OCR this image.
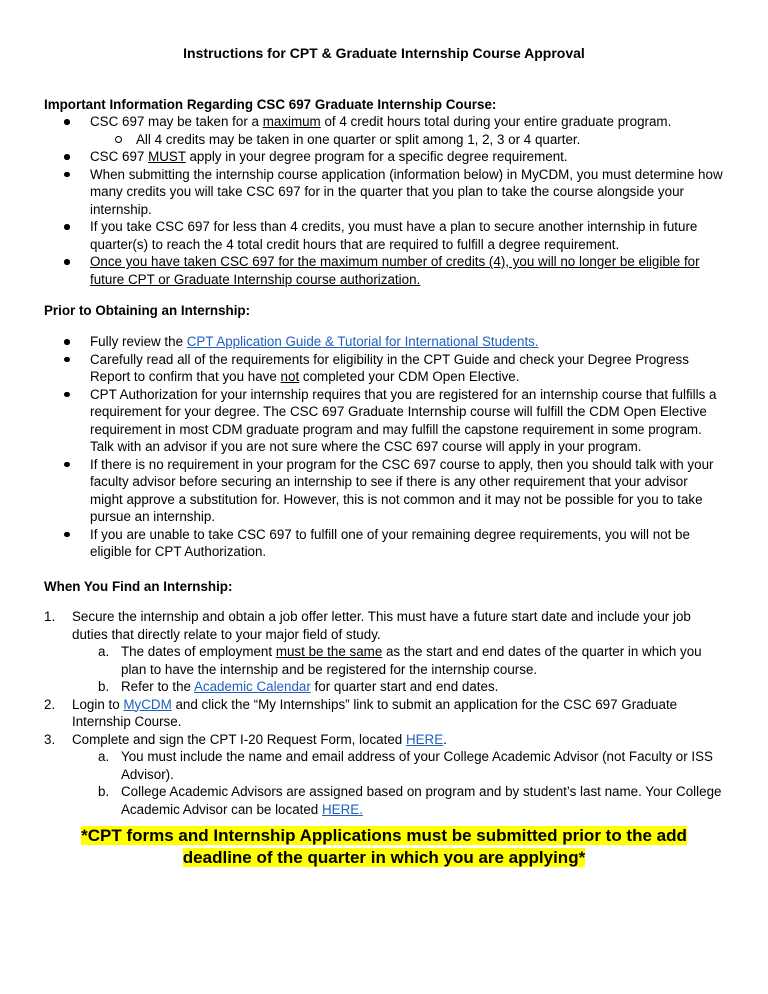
Instructions for CPT & Graduate Internship Course Approval
Important Information Regarding CSC 697 Graduate Internship Course:
CSC 697 may be taken for a maximum of 4 credit hours total during your entire graduate program.
All 4 credits may be taken in one quarter or split among 1, 2, 3 or 4 quarter.
CSC 697 MUST apply in your degree program for a specific degree requirement.
When submitting the internship course application (information below) in MyCDM, you must determine how many credits you will take CSC 697 for in the quarter that you plan to take the course alongside your internship.
If you take CSC 697 for less than 4 credits, you must have a plan to secure another internship in future quarter(s) to reach the 4 total credit hours that are required to fulfill a degree requirement.
Once you have taken CSC 697 for the maximum number of credits (4), you will no longer be eligible for future CPT or Graduate Internship course authorization.
Prior to Obtaining an Internship:
Fully review the CPT Application Guide & Tutorial for International Students.
Carefully read all of the requirements for eligibility in the CPT Guide and check your Degree Progress Report to confirm that you have not completed your CDM Open Elective.
CPT Authorization for your internship requires that you are registered for an internship course that fulfills a requirement for your degree. The CSC 697 Graduate Internship course will fulfill the CDM Open Elective requirement in most CDM graduate program and may fulfill the capstone requirement in some program. Talk with an advisor if you are not sure where the CSC 697 course will apply in your program.
If there is no requirement in your program for the CSC 697 course to apply, then you should talk with your faculty advisor before securing an internship to see if there is any other requirement that your advisor might approve a substitution for. However, this is not common and it may not be possible for you to take pursue an internship.
If you are unable to take CSC 697 to fulfill one of your remaining degree requirements, you will not be eligible for CPT Authorization.
When You Find an Internship:
1. Secure the internship and obtain a job offer letter. This must have a future start date and include your job duties that directly relate to your major field of study.
a. The dates of employment must be the same as the start and end dates of the quarter in which you plan to have the internship and be registered for the internship course.
b. Refer to the Academic Calendar for quarter start and end dates.
2. Login to MyCDM and click the “My Internships” link to submit an application for the CSC 697 Graduate Internship Course.
3. Complete and sign the CPT I-20 Request Form, located HERE.
a. You must include the name and email address of your College Academic Advisor (not Faculty or ISS Advisor).
b. College Academic Advisors are assigned based on program and by student’s last name. Your College Academic Advisor can be located HERE.
*CPT forms and Internship Applications must be submitted prior to the add
deadline of the quarter in which you are applying*
